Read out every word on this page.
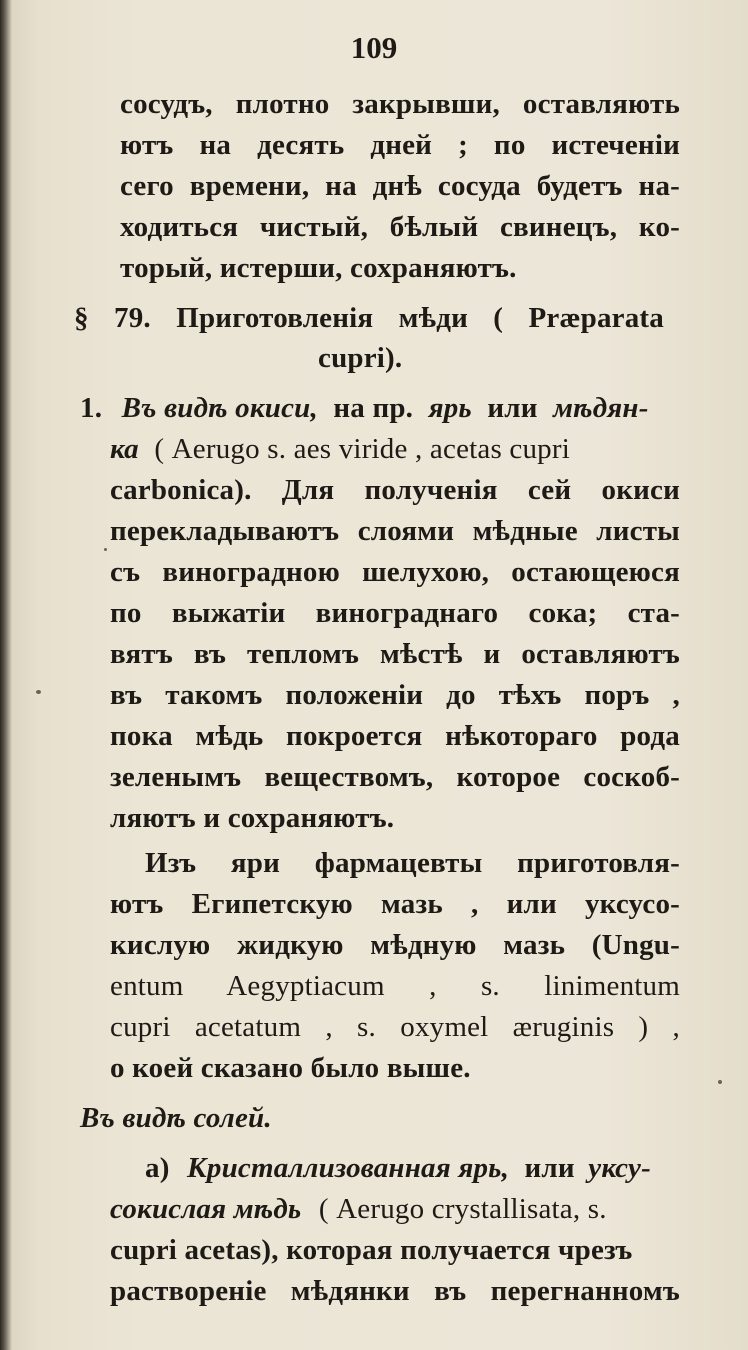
109
сосудъ, плотно закрывши, оставляють
ютъ на десять дней ; по истеченіи
сего времени, на днѣ сосуда будетъ на-
ходиться чистый, бѣлый свинецъ, ко-
торый, истерши, сохраняютъ.
§ 79. Приготовленія мѣди ( Præparata
cupri).
1. Въ видѣ окиси, на пр. ярь или мѣдян-
ка ( Aerugo s. aes viride , acetas cupri
carbonica). Для полученія сей окиси
перекладываютъ слоями мѣдные листы
съ виноградною шелухою, остающеюся
по выжатіи винограднаго сока; ста-
вятъ въ тепломъ мѣстѣ и оставляютъ
въ такомъ положеніи до тѣхъ поръ ,
пока мѣдь покроется нѣкотораго рода
зеленымъ веществомъ, которое соскоб-
ляютъ и сохраняютъ.
Изъ яри фармацевты приготовля-
ютъ Египетскую мазь , или уксусо-
кислую жидкую мѣдную мазь (Ungu-
entum Aegyptiacum , s. linimentum
cupri acetatum , s. oxymel æruginis ) ,
о коей сказано было выше.
Въ видѣ солей.
a) Кристаллизованная ярь, или уксу-
сокислая мѣдь ( Aerugo crystallisata, s.
cupri acetas), которая получается чрезъ
раствореніе мѣдянки въ перегнанномъ
